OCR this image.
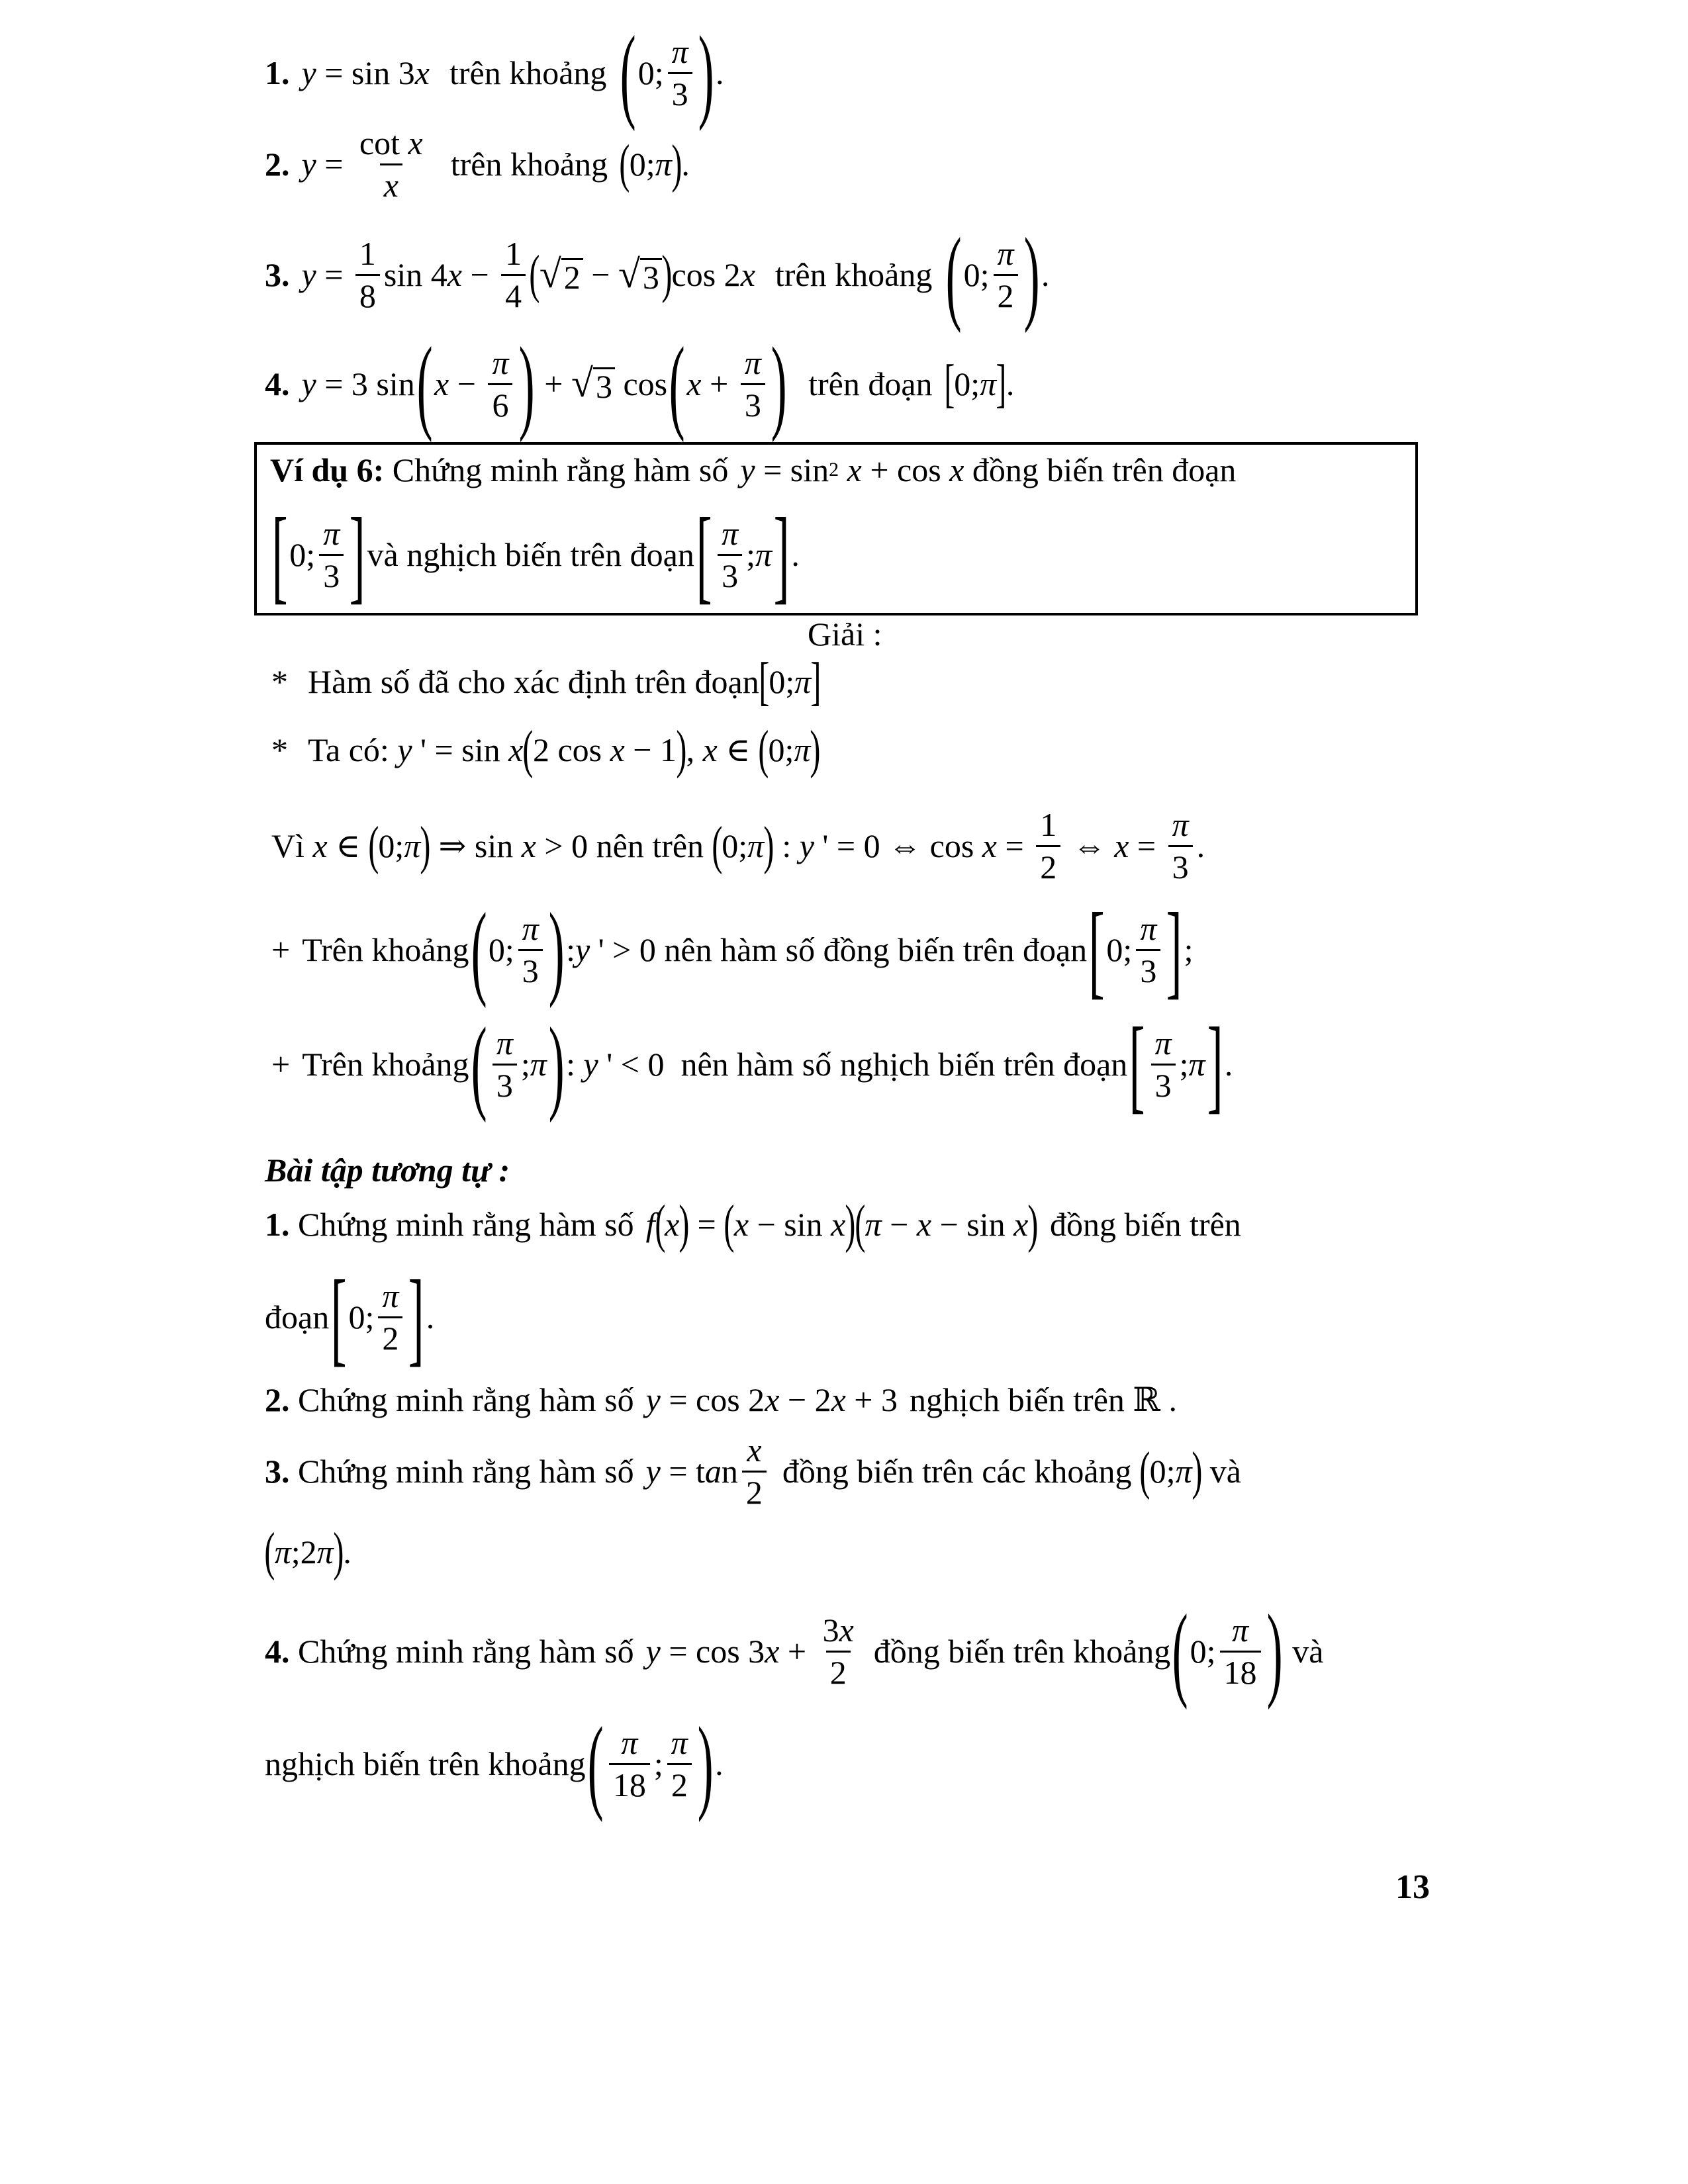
1. y = sin 3 x trên khoảng ( 0; $\frac{\pi}{3}$ ) .
2. $y = \frac{\text{cot x}}{x}$ trên khoảng ( 0; π ) .
3. $y = \frac{1}{8}$ sin 4 $x - \frac{1}{4}$ ( √ 2 − √ 3 ) cos 2 x trên khoảng ( 0; $\frac{\pi}{2}$ ) .
4. y = 3 sin ( $x - \frac{\pi}{6}$ ) + √ 3 cos ( $x + \frac{\pi}{3}$ ) trên đoạn [ 0; π ] .
Ví dụ 6:
Chứng minh rằng hàm số y = sin 2
x + cos x
đồng biến trên đoạn
[ 0; $\frac{\pi}{3}$ ] và nghịch biến trên đoạn [ $\frac{\pi}{3}$ ; π ] .
Giải :
* Hàm số đã cho xác định trên đoạn [ 0; π ]
* Ta có:
y ' = sin x ( 2 cos x − 1 ) , x ∈ ( 0; π )
Vì
x ∈ ( 0; π ) ⇒ sin x > 0 nên trên
( 0; π ) : y ' = 0 ⇔ $\cos x = \frac{1}{2}$ ⇔ $x = \frac{\pi}{3}$ .
+ Trên khoảng ( 0; $\frac{\pi}{3}$ ) : y ' > 0 nên hàm số đồng biến trên đoạn [ 0; $\frac{\pi}{3}$ ] ;
+ Trên khoảng ( $\frac{\pi}{3}$ ; π ) : y ' < 0 nên hàm số nghịch biến trên đoạn [ $\frac{\pi}{3}$ ; π ] .
Bài tập tương tự :
1.
Chứng minh rằng hàm số f ( x ) = ( x − sin x )
( π − x − sin x ) đồng biến trên
đoạn [ 0; $\frac{\pi}{2}$ ] .
2.
Chứng minh rằng hàm số y = cos 2 x − 2 x + 3 nghịch biến trên
ℝ .
3.
Chứng minh rằng hàm số y = t a n $\frac{x}{2}$ đồng biến trên các khoảng
( 0; π )
và
( π ;2 π ) .
4.
Chứng minh rằng hàm số y = cos 3 $x + \frac{3x}{2}$ đồng biến trên khoảng ( 0; $\frac{\pi}{18}$ )
và
nghịch biến trên khoảng ( $\frac{\pi}{18}$ ; $\frac{\pi}{2}$ ) .
13
